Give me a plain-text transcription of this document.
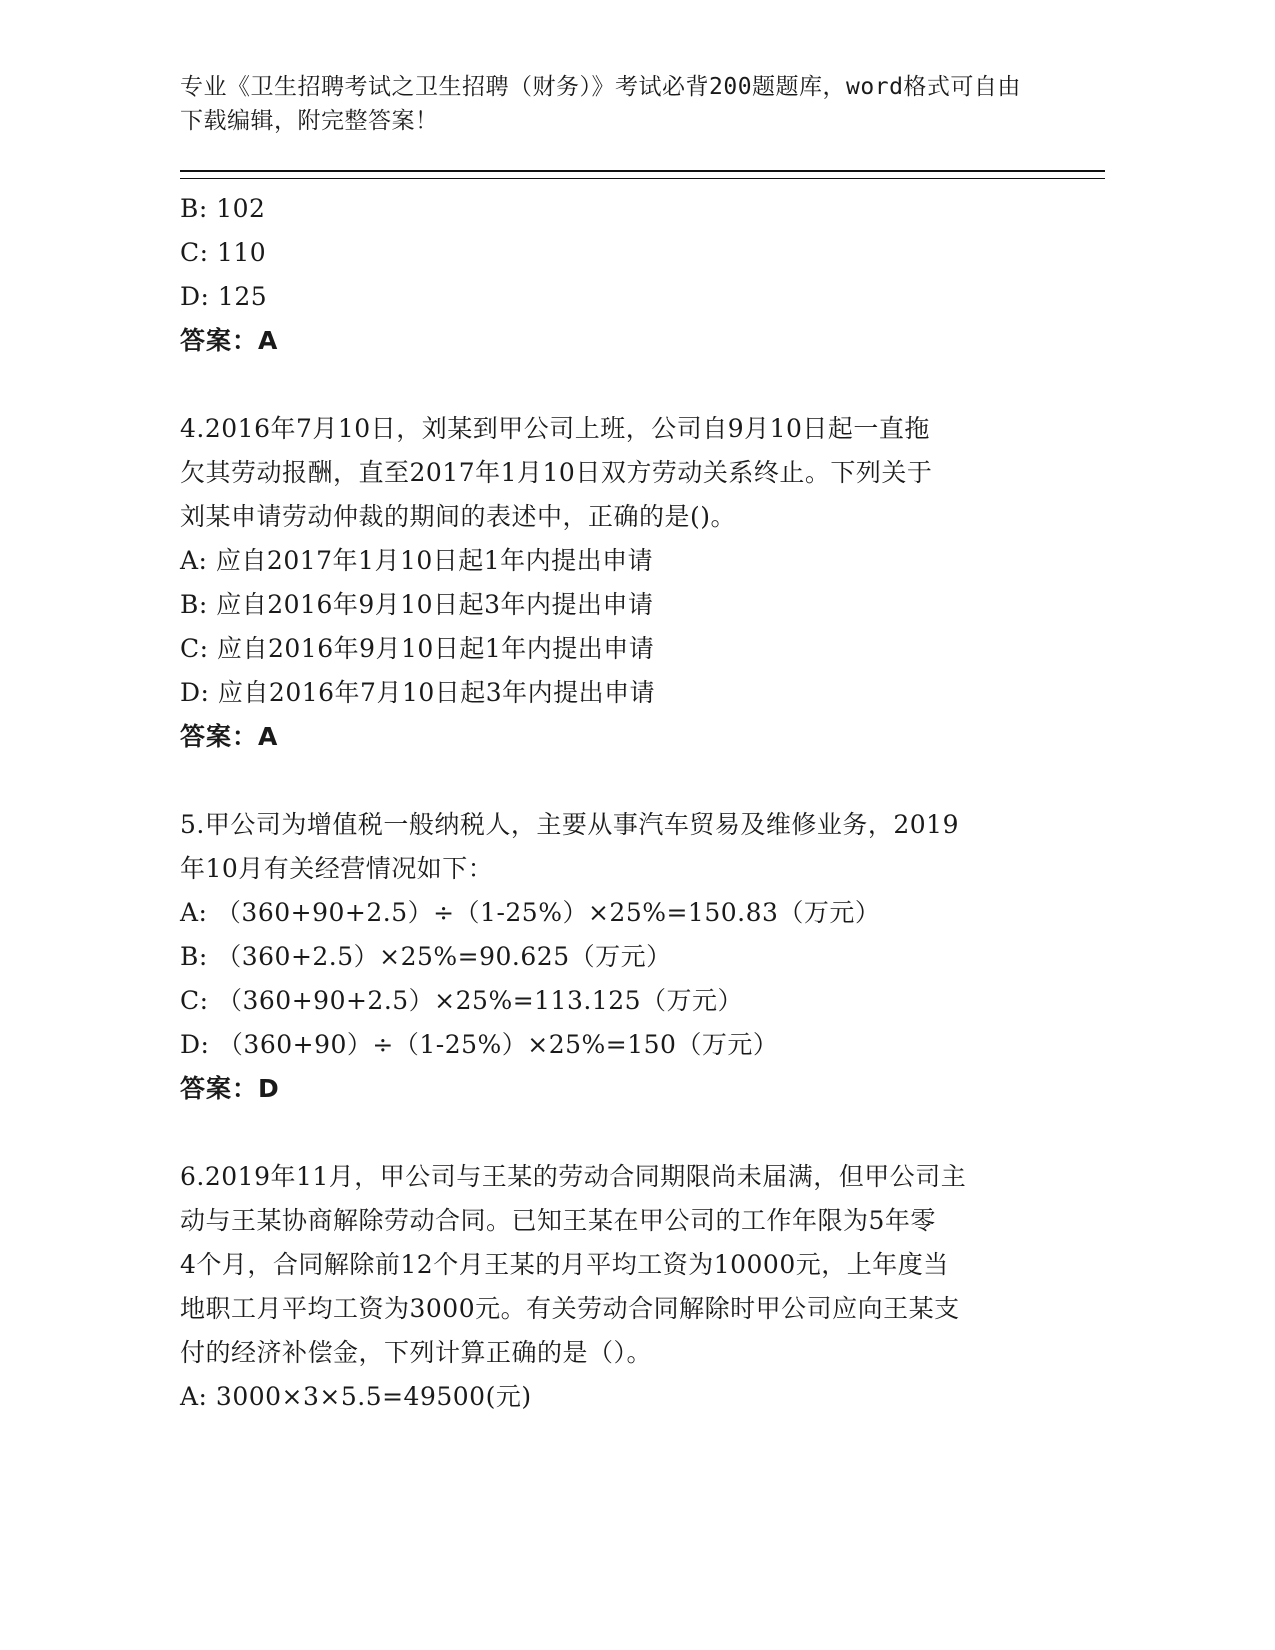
专业《卫生招聘考试之卫生招聘（财务）》考试必背200题题库，word格式可自由下载编辑，附完整答案！
B: 102
C: 110
D: 125
答案：A
4.2016年7月10日，刘某到甲公司上班，公司自9月10日起一直拖
欠其劳动报酬，直至2017年1月10日双方劳动关系终止。下列关于
刘某申请劳动仲裁的期间的表述中，正确的是()。
A: 应自2017年1月10日起1年内提出申请
B: 应自2016年9月10日起3年内提出申请
C: 应自2016年9月10日起1年内提出申请
D: 应自2016年7月10日起3年内提出申请
答案：A
5.甲公司为增值税一般纳税人，主要从事汽车贸易及维修业务，2019
年10月有关经营情况如下：
A: （360+90+2.5）÷（1-25%）×25%=150.83（万元）
B: （360+2.5）×25%=90.625（万元）
C: （360+90+2.5）×25%=113.125（万元）
D: （360+90）÷（1-25%）×25%=150（万元）
答案：D
6.2019年11月，甲公司与王某的劳动合同期限尚未届满，但甲公司主
动与王某协商解除劳动合同。已知王某在甲公司的工作年限为5年零
4个月，合同解除前12个月王某的月平均工资为10000元，上年度当
地职工月平均工资为3000元。有关劳动合同解除时甲公司应向王某支
付的经济补偿金，下列计算正确的是（）。
A: 3000×3×5.5=49500(元)
